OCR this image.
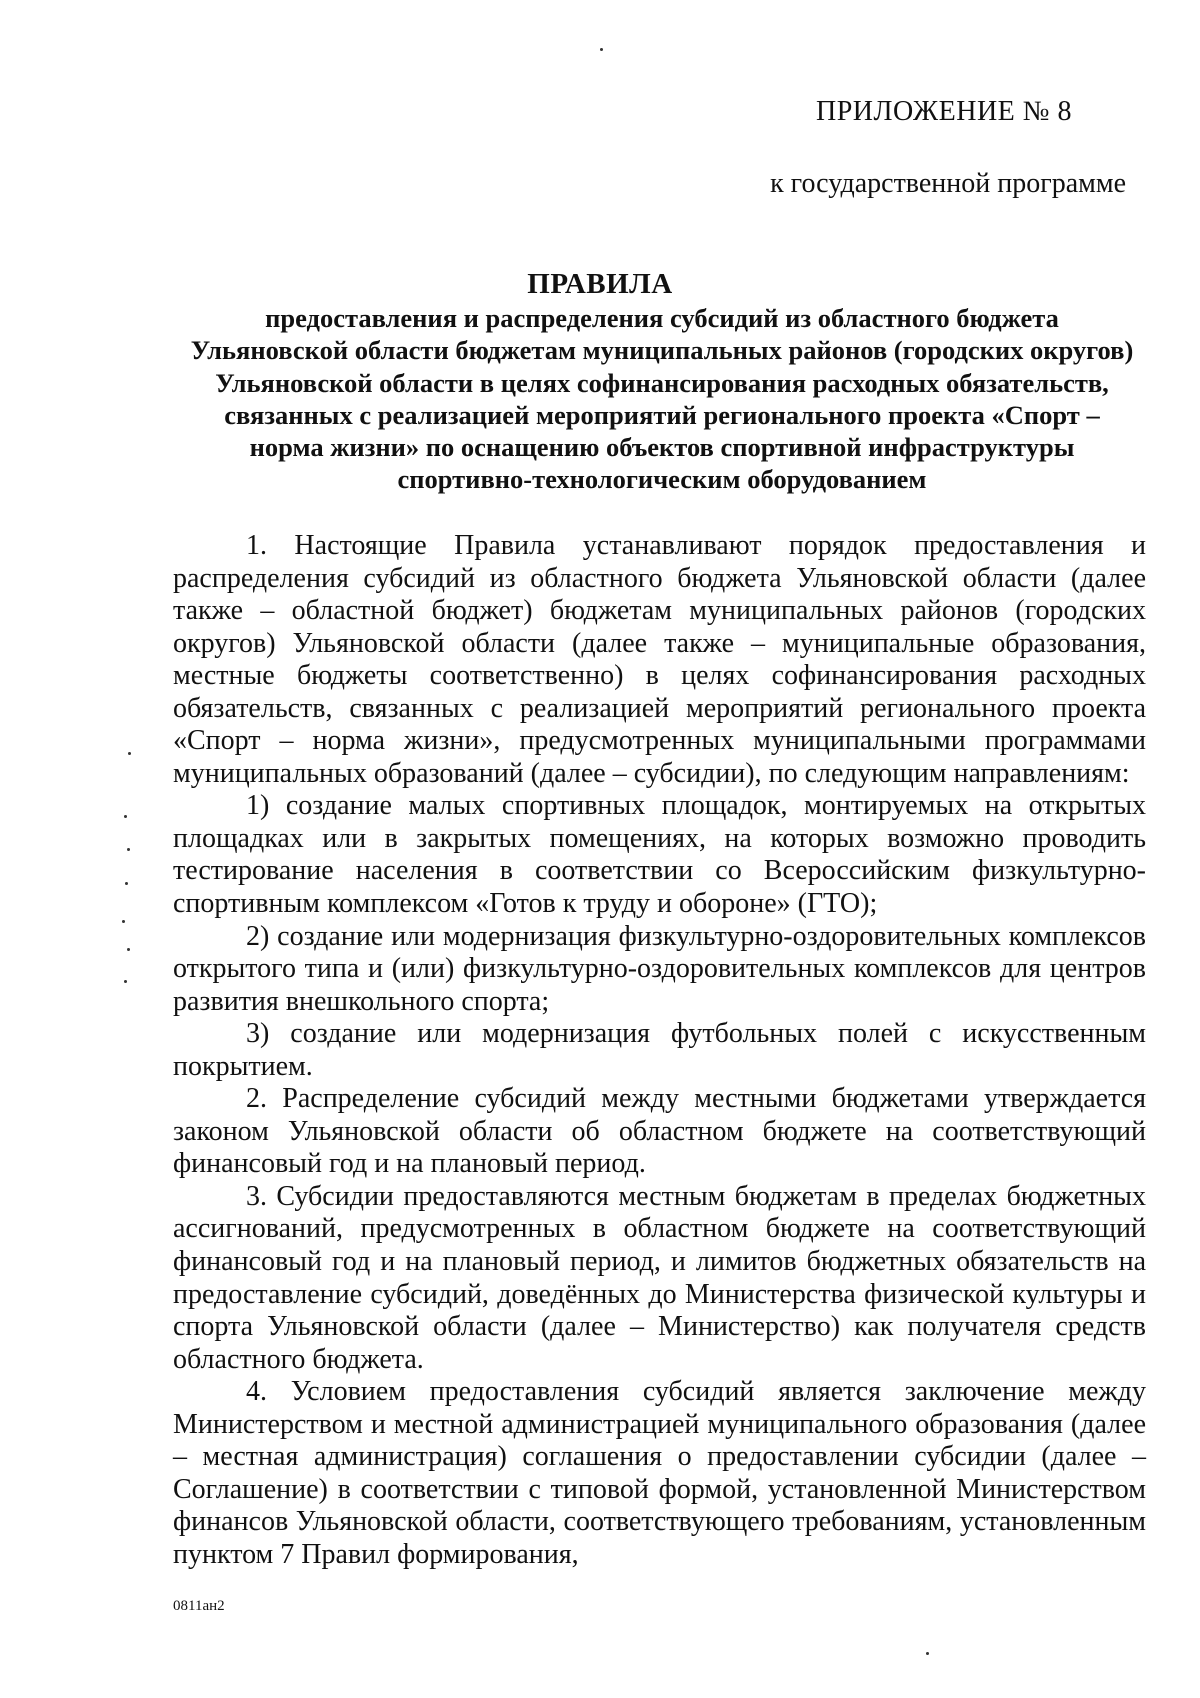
ПРИЛОЖЕНИЕ № 8
к государственной программе
ПРАВИЛА
предоставления и распределения субсидий из областного бюджета Ульяновской области бюджетам муниципальных районов (городских округов) Ульяновской области в целях софинансирования расходных обязательств, связанных с реализацией мероприятий регионального проекта «Спорт – норма жизни» по оснащению объектов спортивной инфраструктуры спортивно-технологическим оборудованием

1. Настоящие Правила устанавливают порядок предоставления и распределения субсидий из областного бюджета Ульяновской области (далее также – областной бюджет) бюджетам муниципальных районов (городских округов) Ульяновской области (далее также – муниципальные образования, местные бюджеты соответственно) в целях софинансирования расходных обязательств, связанных с реализацией мероприятий регионального проекта «Спорт – норма жизни», предусмотренных муниципальными программами муниципальных образований (далее – субсидии), по следующим направлениям:

1) создание малых спортивных площадок, монтируемых на открытых площадках или в закрытых помещениях, на которых возможно проводить тестирование населения в соответствии со Всероссийским физкультурно-спортивным комплексом «Готов к труду и обороне» (ГТО);

2) создание или модернизация физкультурно-оздоровительных комплексов открытого типа и (или) физкультурно-оздоровительных комплексов для центров развития внешкольного спорта;

3) создание или модернизация футбольных полей с искусственным покрытием.

2. Распределение субсидий между местными бюджетами утверждается законом Ульяновской области об областном бюджете на соответствующий финансовый год и на плановый период.

3. Субсидии предоставляются местным бюджетам в пределах бюджетных ассигнований, предусмотренных в областном бюджете на соответствующий финансовый год и на плановый период, и лимитов бюджетных обязательств на предоставление субсидий, доведённых до Министерства физической культуры и спорта Ульяновской области (далее – Министерство) как получателя средств областного бюджета.

4. Условием предоставления субсидий является заключение между Министерством и местной администрацией муниципального образования (далее – местная администрация) соглашения о предоставлении субсидии (далее – Соглашение) в соответствии с типовой формой, установленной Министерством финансов Ульяновской области, соответствующего требованиям, установленным пунктом 7 Правил формирования,

0811ан2
